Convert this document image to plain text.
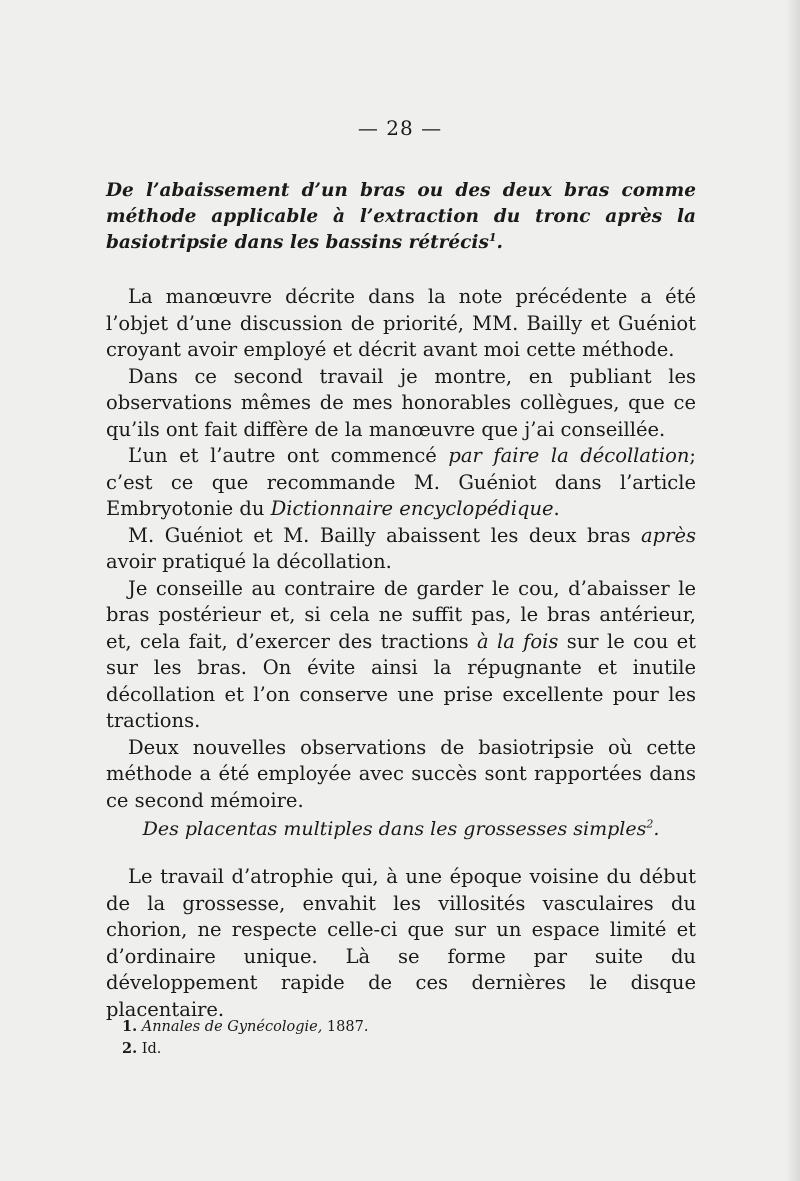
— 28 —
De l’abaissement d’un bras ou des deux bras comme méthode applicable à l’extraction du tronc après la basiotripsie dans les bassins rétrécis$^1$.

La manœuvre décrite dans la note précédente a été l’objet d’une discussion de priorité, MM. Bailly et Guéniot croyant avoir employé et décrit avant moi cette méthode.

Dans ce second travail je montre, en publiant les observations mêmes de mes honorables collègues, que ce qu’ils ont fait diffère de la manœuvre que j’ai conseillée.

L’un et l’autre ont commencé par faire la décollation; c’est ce que recommande M. Guéniot dans l’article Embryotonie du Dictionnaire encyclopédique.

M. Guéniot et M. Bailly abaissent les deux bras après avoir pratiqué la décollation.

Je conseille au contraire de garder le cou, d’abaisser le bras postérieur et, si cela ne suffit pas, le bras antérieur, et, cela fait, d’exercer des tractions à la fois sur le cou et sur les bras. On évite ainsi la répugnante et inutile décollation et l’on conserve une prise excellente pour les tractions.

Deux nouvelles observations de basiotripsie où cette méthode a été employée avec succès sont rapportées dans ce second mémoire.

Des placentas multiples dans les grossesses simples$^2$.

Le travail d’atrophie qui, à une époque voisine du début de la grossesse, envahit les villosités vasculaires du chorion, ne respecte celle-ci que sur un espace limité et d’ordinaire unique. Là se forme par suite du développement rapide de ces dernières le disque placentaire.

1. Annales de Gynécologie, 1887.

2. Id.
